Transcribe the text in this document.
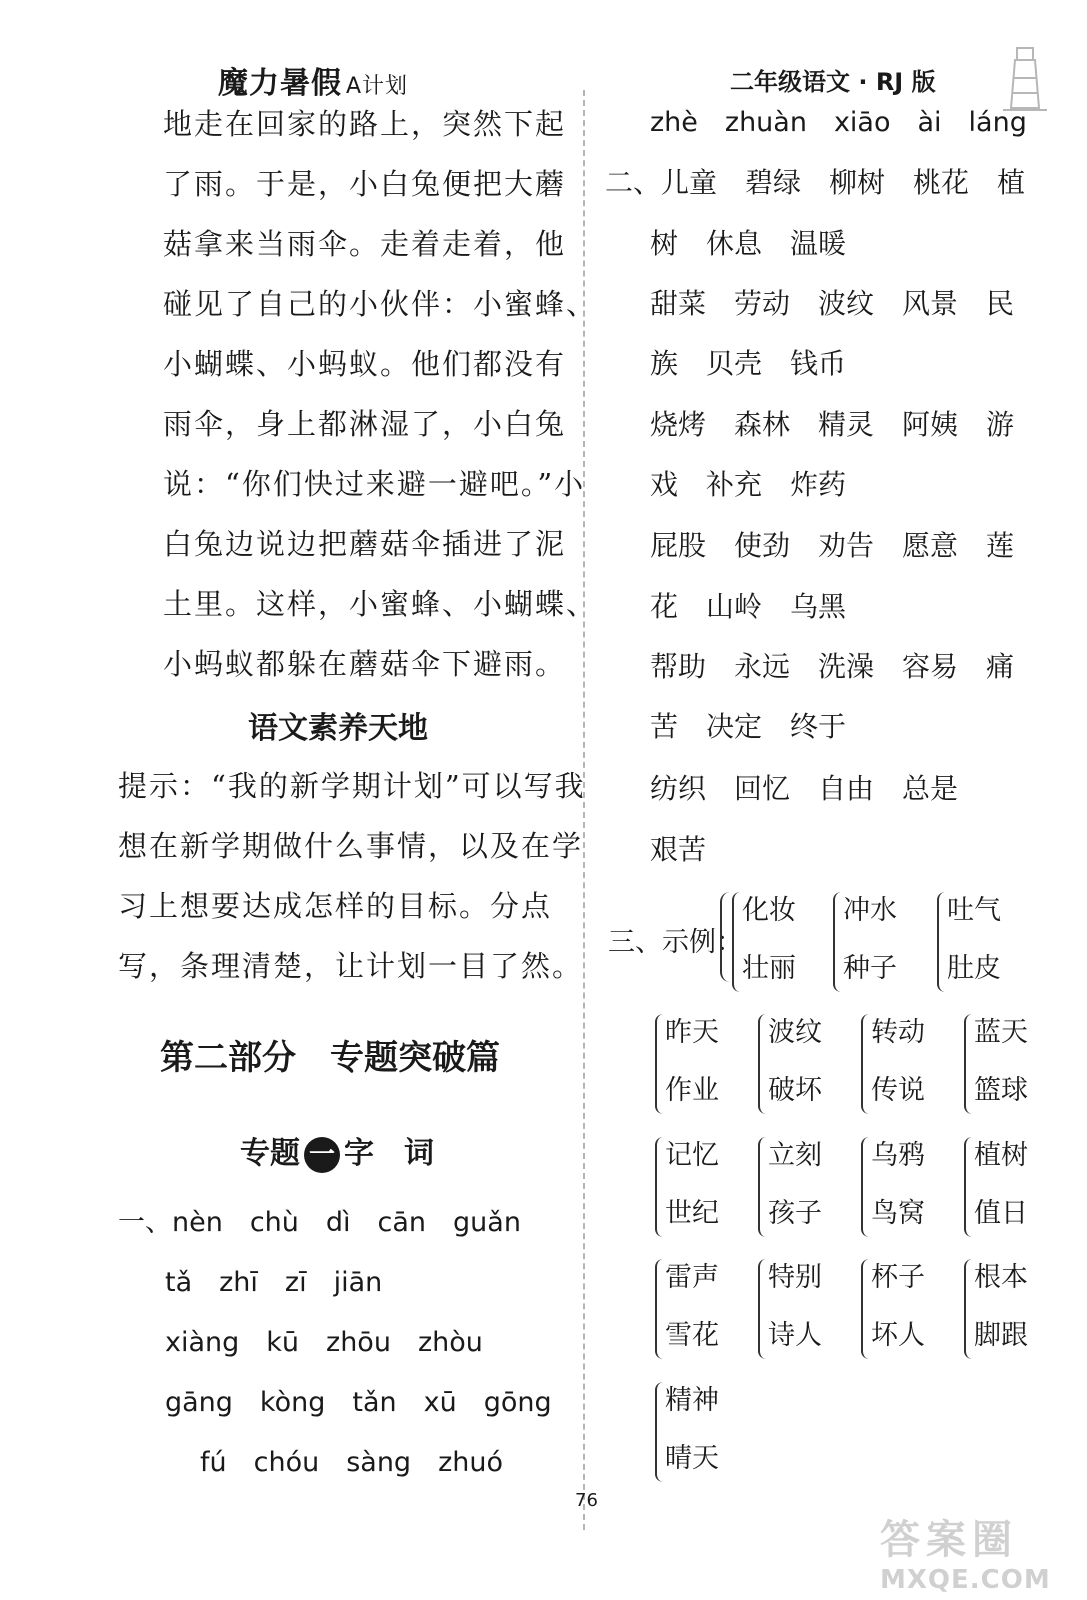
魔力暑假 A计划	二年级语文 · RJ 版
地走在回家的路上，突然下起
了雨。于是，小白兔便把大蘑
菇拿来当雨伞。走着走着，他
碰见了自己的小伙伴：小蜜蜂、
小蝴蝶、小蚂蚁。他们都没有
雨伞，身上都淋湿了，小白兔
说：“你们快过来避一避吧。”小
白兔边说边把蘑菇伞插进了泥
土里。这样，小蜜蜂、小蝴蝶、
小蚂蚁都躲在蘑菇伞下避雨。
语文素养天地
提示：“我的新学期计划”可以写我
想在新学期做什么事情，以及在学
习上想要达成怎样的目标。分点
写，条理清楚，让计划一目了然。
第二部分　专题突破篇
专题 一 字　词
一、nèn　chù　dì　cān　guǎn
tǎ　zhī　zī　jiān
xiàng　kū　zhōu　zhòu
gāng　kòng　tǎn　xū　gōng
fú　chóu　sàng　zhuó
zhè　zhuàn　xiāo　ài　láng
二、儿童　碧绿　柳树　桃花　植
树　休息　温暖
甜菜　劳动　波纹　风景　民
族　贝壳　钱币
烧烤　森林　精灵　阿姨　游
戏　补充　炸药
屁股　使劲　劝告　愿意　莲
花　山岭　乌黑
帮助　永远　洗澡　容易　痛
苦　决定　终于
纺织　回忆　自由　总是
艰苦
三、示例：
化妆
壮丽
冲水
种子
吐气
肚皮
昨天
作业
波纹
破坏
转动
传说
蓝天
篮球
记忆
世纪
立刻
孩子
乌鸦
鸟窝
植树
值日
雷声
雪花
特别
诗人
杯子
坏人
根本
脚跟
精神
晴天
76
答案圈
MXQE.COM
